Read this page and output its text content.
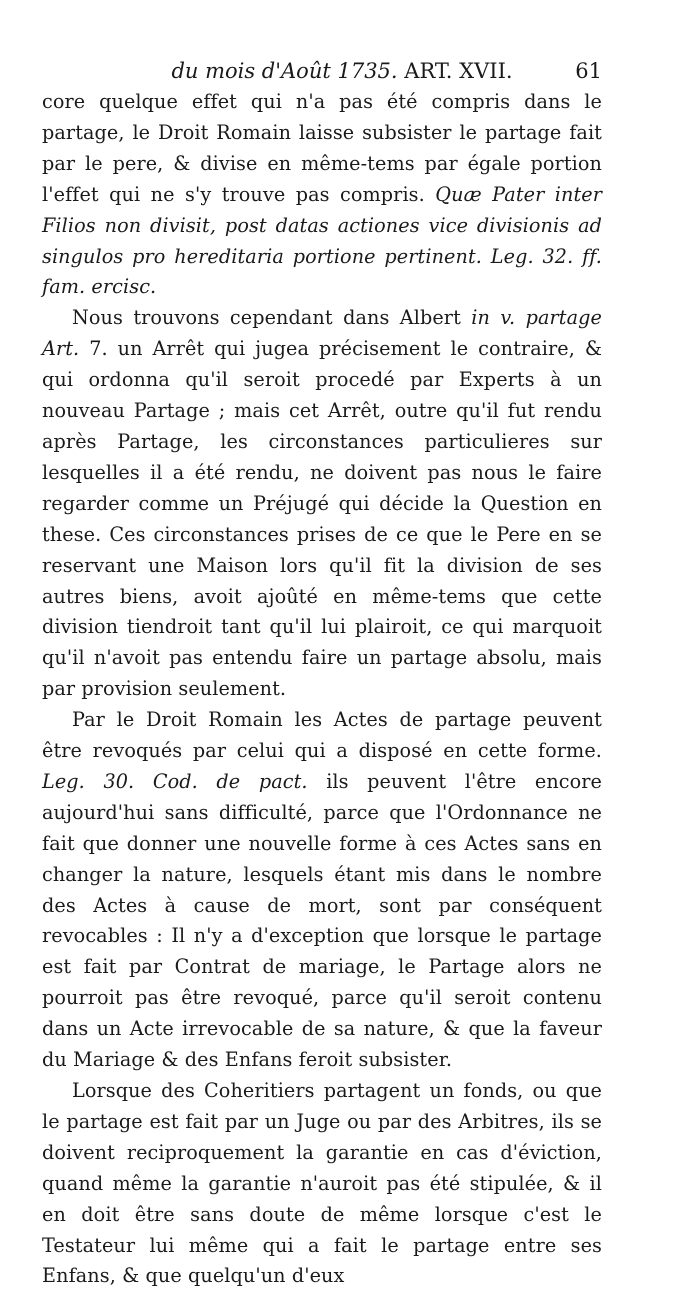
du mois d'Août 1735. ART. XVII.	61

core quelque effet qui n'a pas été compris dans le partage, le Droit Romain laisse subsister le partage fait par le pere, & divise en même-tems par égale portion l'effet qui ne s'y trouve pas compris. Quæ Pater inter Filios non divisit, post datas actiones vice divisionis ad singulos pro hereditaria portione pertinent. Leg. 32. ff. fam. ercisc.

Nous trouvons cependant dans Albert in v. partage Art. 7. un Arrêt qui jugea précisement le contraire, & qui ordonna qu'il seroit procedé par Experts à un nouveau Partage ; mais cet Arrêt, outre qu'il fut rendu après Partage, les circonstances particulieres sur lesquelles il a été rendu, ne doivent pas nous le faire regarder comme un Préjugé qui décide la Question en these. Ces circonstances prises de ce que le Pere en se reservant une Maison lors qu'il fit la division de ses autres biens, avoit ajoûté en même-tems que cette division tiendroit tant qu'il lui plairoit, ce qui marquoit qu'il n'avoit pas entendu faire un partage absolu, mais par provision seulement.

Par le Droit Romain les Actes de partage peuvent être revoqués par celui qui a disposé en cette forme. Leg. 30. Cod. de pact. ils peuvent l'être encore aujourd'hui sans difficulté, parce que l'Ordonnance ne fait que donner une nouvelle forme à ces Actes sans en changer la nature, lesquels étant mis dans le nombre des Actes à cause de mort, sont par conséquent revocables : Il n'y a d'exception que lorsque le partage est fait par Contrat de mariage, le Partage alors ne pourroit pas être revoqué, parce qu'il seroit contenu dans un Acte irrevocable de sa nature, & que la faveur du Mariage & des Enfans feroit subsister.

Lorsque des Coheritiers partagent un fonds, ou que le partage est fait par un Juge ou par des Arbitres, ils se doivent reciproquement la garantie en cas d'éviction, quand même la garantie n'auroit pas été stipulée, & il en doit être sans doute de même lorsque c'est le Testateur lui même qui a fait le partage entre ses Enfans, & que quelqu'un d'eux
